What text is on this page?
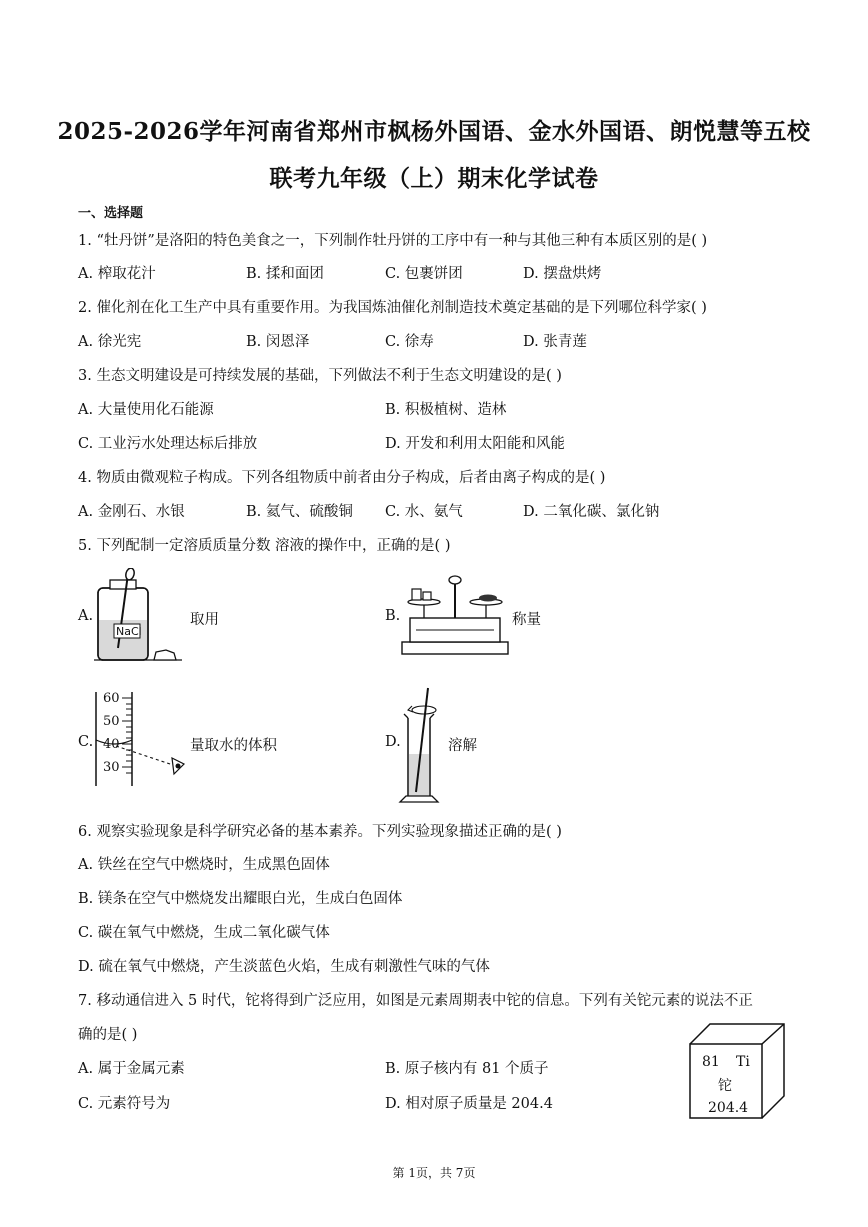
2025-2026学年河南省郑州市枫杨外国语、金水外国语、朗悦慧等五校
联考九年级（上）期末化学试卷
一、选择题
1. “牡丹饼”是洛阳的特色美食之一，下列制作牡丹饼的工序中有一种与其他三种有本质区别的是( )
A. 榨取花汁	B. 揉和面团	C. 包裹饼团	D. 摆盘烘烤
2. 催化剂在化工生产中具有重要作用。为我国炼油催化剂制造技术奠定基础的是下列哪位科学家( )
A. 徐光宪	B. 闵恩泽	C. 徐寿	D. 张青莲
3. 生态文明建设是可持续发展的基础，下列做法不利于生态文明建设的是( )
A. 大量使用化石能源	B. 积极植树、造林
C. 工业污水处理达标后排放	D. 开发和利用太阳能和风能
4. 物质由微观粒子构成。下列各组物质中前者由分子构成，后者由离子构成的是( )
A. 金刚石、水银	B. 氦气、硫酸铜 C. 水、氨气	D. 二氧化碳、氯化钠
5. 下列配制一定溶质质量分数 溶液的操作中，正确的是( )
A.
NaCl
取用	B.	称量
C.
60
50
40
30
量取水的体积	D.	溶解
6. 观察实验现象是科学研究必备的基本素养。下列实验现象描述正确的是( )
A. 铁丝在空气中燃烧时，生成黑色固体
B. 镁条在空气中燃烧发出耀眼白光，生成白色固体
C. 碳在氧气中燃烧，生成二氧化碳气体
D. 硫在氧气中燃烧，产生淡蓝色火焰，生成有刺激性气味的气体
7. 移动通信进入 5 时代，铊将得到广泛应用，如图是元素周期表中铊的信息。下列有关铊元素的说法不正
确的是( )
A. 属于金属元素	B. 原子核内有 81 个质子
C. 元素符号为	D. 相对原子质量是 204.4
81 Ti
铊
204.4
第 1页，共 7页
